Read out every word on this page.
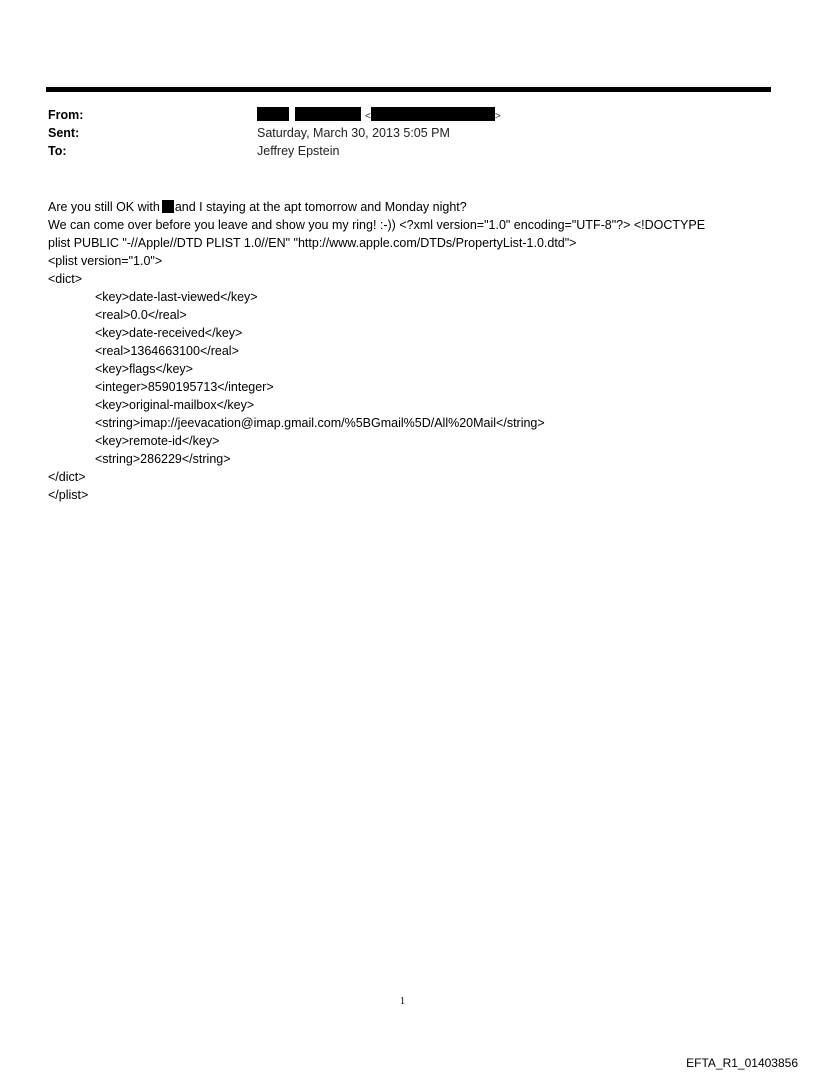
From:
Sent:
To:
<	>
Saturday, March 30, 2013 5:05 PM
Jeffrey Epstein

Are you still OK with and I staying at the apt tomorrow and Monday night?

We can come over before you leave and show you my ring! :-)) <?xml version="1.0" encoding="UTF-8"?> <!DOCTYPE

plist PUBLIC "-//Apple//DTD PLIST 1.0//EN" "http://www.apple.com/DTDs/PropertyList-1.0.dtd">

<plist version="1.0">

<dict>

<key>date-last-viewed</key>

<real>0.0</real>

<key>date-received</key>

<real>1364663100</real>

<key>flags</key>

<integer>8590195713</integer>

<key>original-mailbox</key>

<string>imap://jeevacation@imap.gmail.com/%5BGmail%5D/All%20Mail</string>

<key>remote-id</key>

<string>286229</string>

</dict>

</plist>

1
EFTA_R1_01403856
